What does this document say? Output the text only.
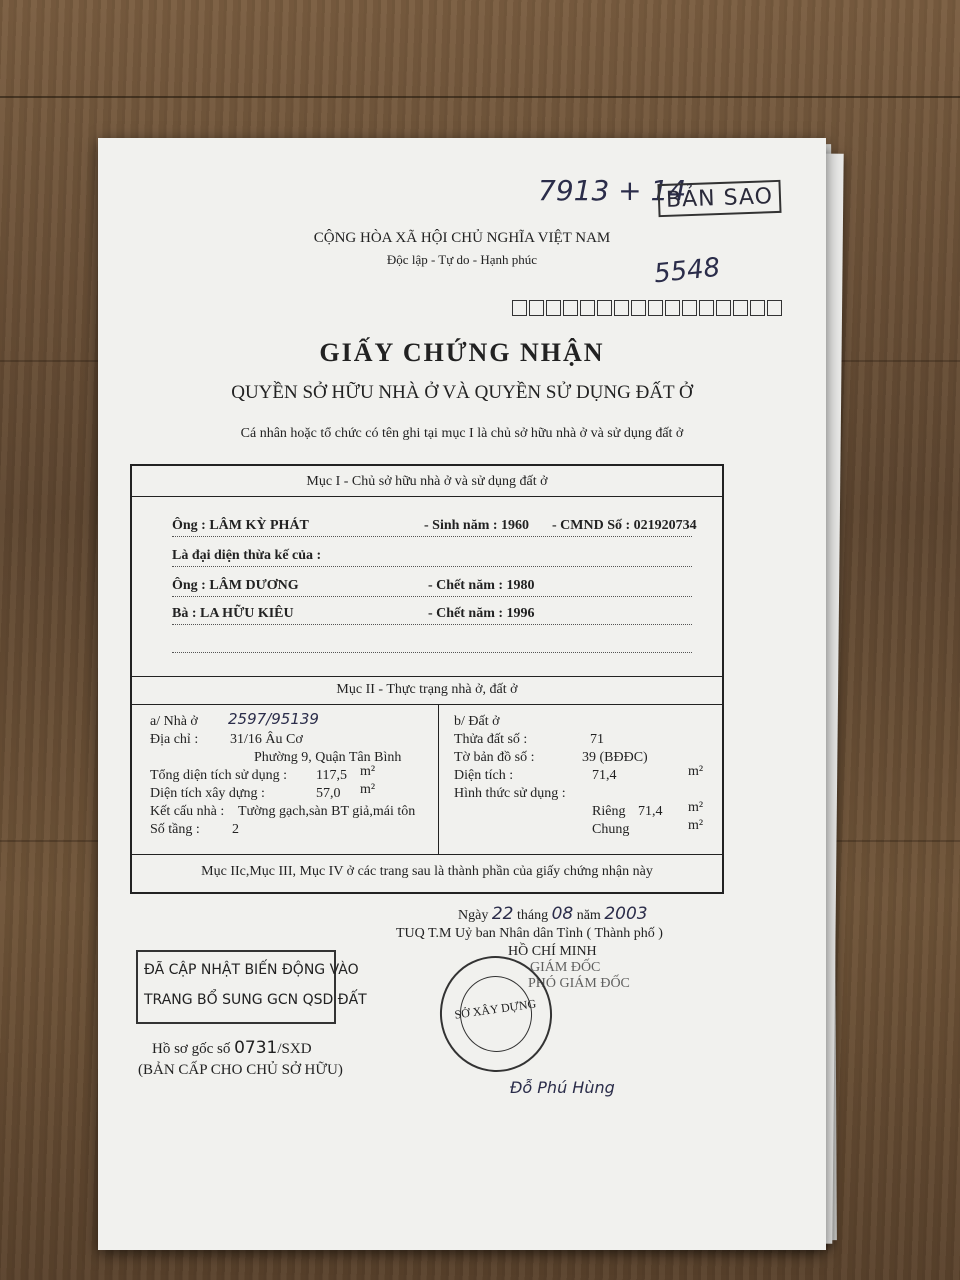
7913 + 14
BẢN SAO
5548
CỘNG HÒA XÃ HỘI CHỦ NGHĨA VIỆT NAM
Độc lập - Tự do - Hạnh phúc
GIẤY CHỨNG NHẬN
QUYỀN SỞ HỮU NHÀ Ở VÀ QUYỀN SỬ DỤNG ĐẤT Ở
Cá nhân hoặc tổ chức có tên ghi tại mục I là chủ sở hữu nhà ở và sử dụng đất ở
Mục I - Chủ sở hữu nhà ở và sử dụng đất ở
Ông : LÂM KỲ PHÁT	- Sinh năm : 1960 - CMND Số : 021920734
Là đại diện thừa kế của :
Ông : LÂM DƯƠNG	- Chết năm : 1980
Bà : LA HỮU KIÊU	- Chết năm : 1996
Mục II - Thực trạng nhà ở, đất ở
a/ Nhà ở 2597/95139
Địa chỉ : 31/16 Âu Cơ
Phường 9, Quận Tân Bình
Tổng diện tích sử dụng : 117,5 m²
Diện tích xây dựng :	57,0 m²
Kết cấu nhà : Tường gạch,sàn BT giả,mái tôn
Số tầng : 2
b/ Đất ở
Thửa đất số :	71
Tờ bản đồ số :	39 (BĐĐC)
Diện tích :	71,4	m²
Hình thức sử dụng :
Riêng 71,4 m²
Chung	m²
Mục IIc,Mục III, Mục IV ở các trang sau là thành phần của giấy chứng nhận này
Ngày 22 tháng 08 năm 2003
TUQ T.M Uỷ ban Nhân dân Tỉnh ( Thành phố )
HỒ CHÍ MINH
GIÁM ĐỐC
PHÓ GIÁM ĐỐC
SỞ XÂY DỰNG
Đỗ Phú Hùng
ĐÃ CẬP NHẬT BIẾN ĐỘNG VÀO
TRANG BỔ SUNG GCN QSD ĐẤT
Hồ sơ gốc số 0731/SXD
(BẢN CẤP CHO CHỦ SỞ HỮU)
